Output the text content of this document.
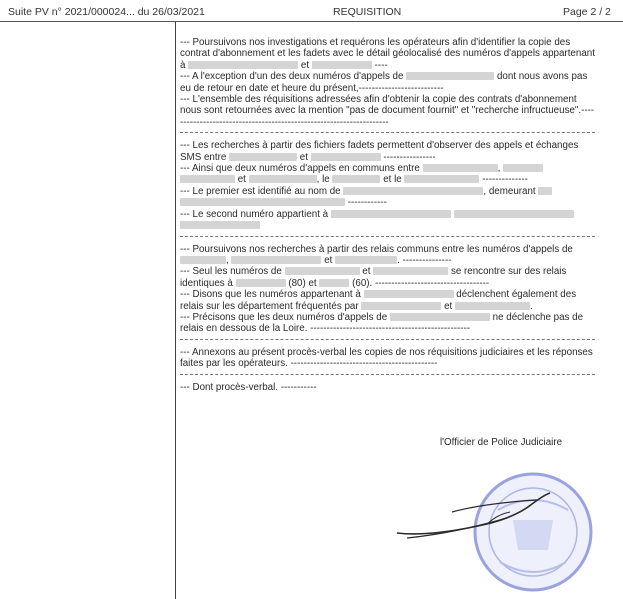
Suite PV n° 2021/000024... du 26/03/2021	REQUISITION	Page 2 / 2

--- Poursuivons nos investigations et requérons les opérateurs afin d'identifier la copie des contrat d'abonnement et les fadets avec le détail géolocalisé des numéros d'appels appartenant à	et	----

--- A l'exception d'un des deux numéros d'appels de	dont nous avons pas eu de retour en date et heure du présent,--------------------------

--- L'ensemble des réquisitions adressées afin d'obtenir la copie des contrats d'abonnement nous sont retournées avec la mention "pas de document fournit" et "recherche infructueuse".--------------------------------------------------------------------

--- Les recherches à partir des fichiers fadets permettent d'observer des appels et échanges SMS entre	et	----------------

--- Ainsi que deux numéros d'appels en communs entre	,   et	, le	et le	--------------

--- Le premier est identifié au nom de	, demeurant   ------------

--- Le second numéro appartient à

--- Poursuivons nos recherches à partir des relais communs entre les numéros d'appels de ,	et	. ---------------

--- Seul les numéros de	et	se rencontre sur des relais identiques à	(80) et	(60). -----------------------------------

--- Disons que les numéros appartenant à	déclenchent également des relais sur les département fréquentés par	et	.

--- Précisons que les deux numéros d'appels de	ne déclenche pas de relais en dessous de la Loire. -------------------------------------------------

--- Annexons au présent procès-verbal les copies de nos réquisitions judiciaires et les réponses faites par les opérateurs. ---------------------------------------------

--- Dont procès-verbal. -----------

l'Officier de Police Judiciaire
